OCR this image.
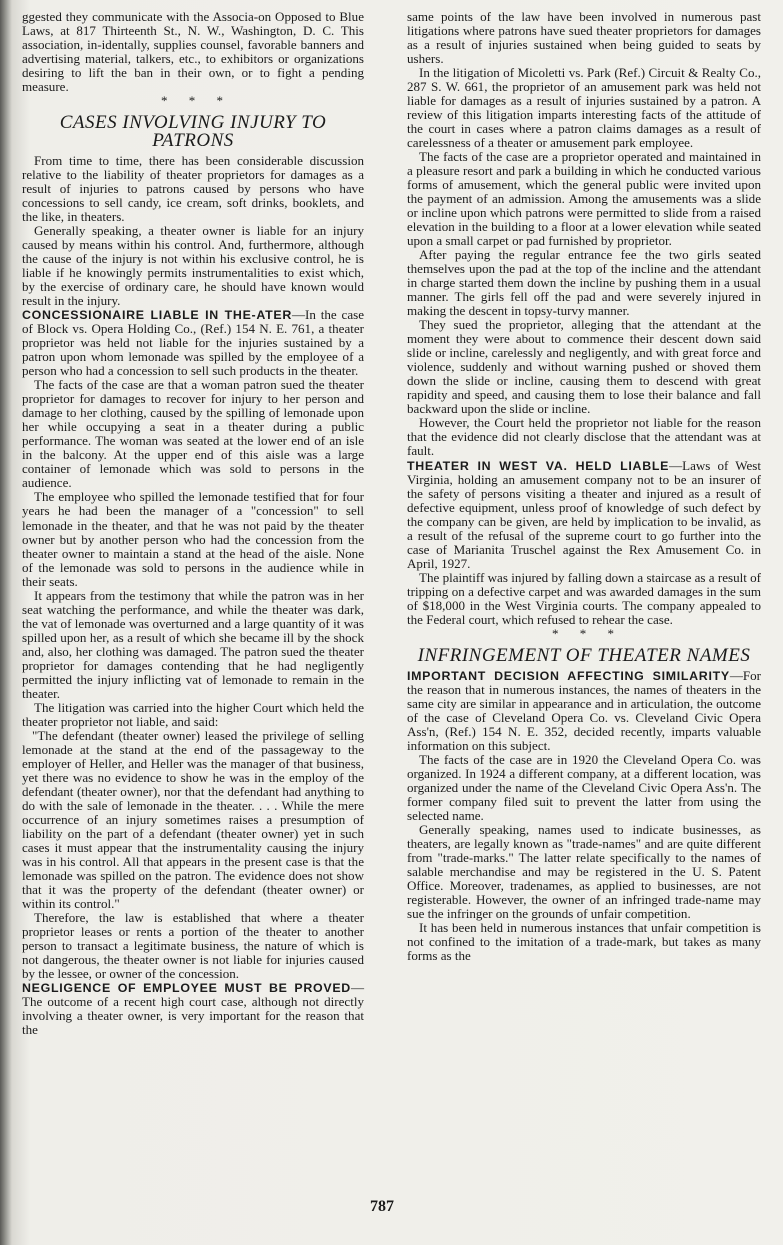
ggested they communicate with the Associa-on Opposed to Blue Laws, at 817 Thirteenth St., N. W., Washington, D. C. This association, in-identally, supplies counsel, favorable banners and advertising material, talkers, etc., to exhibitors or organizations desiring to lift the ban in their own, or to fight a pending measure.

* * *
CASES INVOLVING INJURY TO PATRONS

From time to time, there has been considerable discussion relative to the liability of theater proprietors for damages as a result of injuries to patrons caused by persons who have concessions to sell candy, ice cream, soft drinks, booklets, and the like, in theaters.

Generally speaking, a theater owner is liable for an injury caused by means within his control. And, furthermore, although the cause of the injury is not within his exclusive control, he is liable if he knowingly permits instrumentalities to exist which, by the exercise of ordinary care, he should have known would result in the injury.

CONCESSIONAIRE LIABLE IN THE-ATER—In the case of Block vs. Opera Holding Co., (Ref.) 154 N. E. 761, a theater proprietor was held not liable for the injuries sustained by a patron upon whom lemonade was spilled by the employee of a person who had a concession to sell such products in the theater.

The facts of the case are that a woman patron sued the theater proprietor for damages to recover for injury to her person and damage to her clothing, caused by the spilling of lemonade upon her while occupying a seat in a theater during a public performance. The woman was seated at the lower end of an isle in the balcony. At the upper end of this aisle was a large container of lemonade which was sold to persons in the audience.

The employee who spilled the lemonade testified that for four years he had been the manager of a "concession" to sell lemonade in the theater, and that he was not paid by the theater owner but by another person who had the concession from the theater owner to maintain a stand at the head of the aisle. None of the lemonade was sold to persons in the audience while in their seats.

It appears from the testimony that while the patron was in her seat watching the performance, and while the theater was dark, the vat of lemonade was overturned and a large quantity of it was spilled upon her, as a result of which she became ill by the shock and, also, her clothing was damaged. The patron sued the theater proprietor for damages contending that he had negligently permitted the injury inflicting vat of lemonade to remain in the theater.

The litigation was carried into the higher Court which held the theater proprietor not liable, and said:

"The defendant (theater owner) leased the privilege of selling lemonade at the stand at the end of the passageway to the employer of Heller, and Heller was the manager of that business, yet there was no evidence to show he was in the employ of the defendant (theater owner), nor that the defendant had anything to do with the sale of lemonade in the theater. . . . While the mere occurrence of an injury sometimes raises a presumption of liability on the part of a defendant (theater owner) yet in such cases it must appear that the instrumentality causing the injury was in his control. All that appears in the present case is that the lemonade was spilled on the patron. The evidence does not show that it was the property of the defendant (theater owner) or within its control."

Therefore, the law is established that where a theater proprietor leases or rents a portion of the theater to another person to transact a legitimate business, the nature of which is not dangerous, the theater owner is not liable for injuries caused by the lessee, or owner of the concession.

NEGLIGENCE OF EMPLOYEE MUST BE PROVED—The outcome of a recent high court case, although not directly involving a theater owner, is very important for the reason that the

same points of the law have been involved in numerous past litigations where patrons have sued theater proprietors for damages as a result of injuries sustained when being guided to seats by ushers.

In the litigation of Micoletti vs. Park (Ref.) Circuit & Realty Co., 287 S. W. 661, the proprietor of an amusement park was held not liable for damages as a result of injuries sustained by a patron. A review of this litigation imparts interesting facts of the attitude of the court in cases where a patron claims damages as a result of carelessness of a theater or amusement park employee.

The facts of the case are a proprietor operated and maintained in a pleasure resort and park a building in which he conducted various forms of amusement, which the general public were invited upon the payment of an admission. Among the amusements was a slide or incline upon which patrons were permitted to slide from a raised elevation in the building to a floor at a lower elevation while seated upon a small carpet or pad furnished by proprietor.

After paying the regular entrance fee the two girls seated themselves upon the pad at the top of the incline and the attendant in charge started them down the incline by pushing them in a usual manner. The girls fell off the pad and were severely injured in making the descent in topsy-turvy manner.

They sued the proprietor, alleging that the attendant at the moment they were about to commence their descent down said slide or incline, carelessly and negligently, and with great force and violence, suddenly and without warning pushed or shoved them down the slide or incline, causing them to descend with great rapidity and speed, and causing them to lose their balance and fall backward upon the slide or incline.

However, the Court held the proprietor not liable for the reason that the evidence did not clearly disclose that the attendant was at fault.

THEATER IN WEST VA. HELD LIABLE—Laws of West Virginia, holding an amusement company not to be an insurer of the safety of persons visiting a theater and injured as a result of defective equipment, unless proof of knowledge of such defect by the company can be given, are held by implication to be invalid, as a result of the refusal of the supreme court to go further into the case of Marianita Truschel against the Rex Amusement Co. in April, 1927.

The plaintiff was injured by falling down a staircase as a result of tripping on a defective carpet and was awarded damages in the sum of $18,000 in the West Virginia courts. The company appealed to the Federal court, which refused to rehear the case.

* * *
INFRINGEMENT OF THEATER NAMES

IMPORTANT DECISION AFFECTING SIMILARITY—For the reason that in numerous instances, the names of theaters in the same city are similar in appearance and in articulation, the outcome of the case of Cleveland Opera Co. vs. Cleveland Civic Opera Ass'n, (Ref.) 154 N. E. 352, decided recently, imparts valuable information on this subject.

The facts of the case are in 1920 the Cleveland Opera Co. was organized. In 1924 a different company, at a different location, was organized under the name of the Cleveland Civic Opera Ass'n. The former company filed suit to prevent the latter from using the selected name.

Generally speaking, names used to indicate businesses, as theaters, are legally known as "trade-names" and are quite different from "trade-marks." The latter relate specifically to the names of salable merchandise and may be registered in the U. S. Patent Office. Moreover, tradenames, as applied to businesses, are not registerable. However, the owner of an infringed trade-name may sue the infringer on the grounds of unfair competition.

It has been held in numerous instances that unfair competition is not confined to the imitation of a trade-mark, but takes as many forms as the

787
